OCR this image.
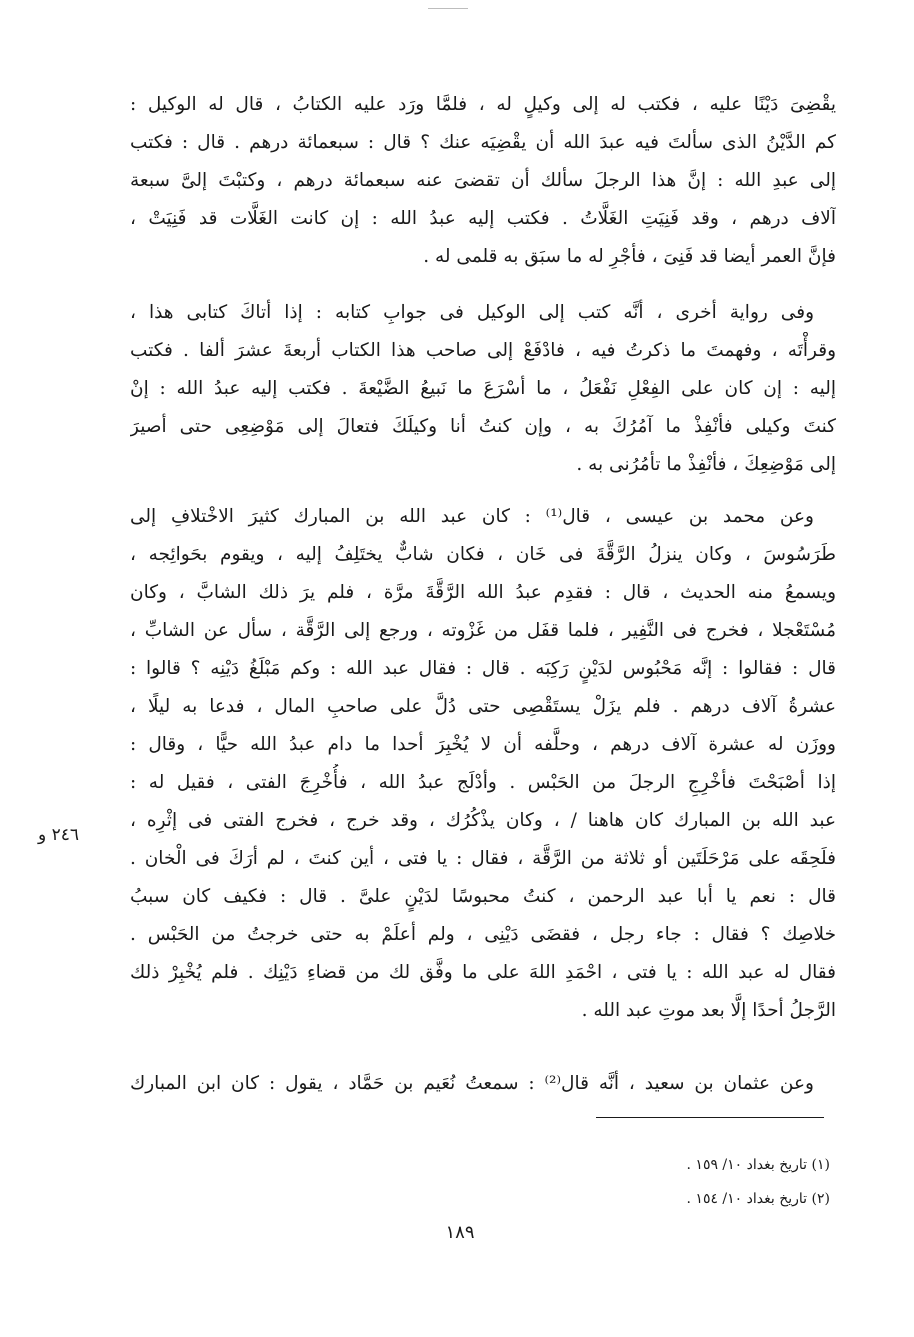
يقْضِىَ دَيْنًا عليه ، فكتب له إلى وكيلٍ له ، فلمَّا ورَد عليه الكتابُ ، قال له الوكيل :
كم الدَّيْنُ الذى سألتَ فيه عبدَ الله أن يقْضِيَه عنك ؟ قال : سبعمائة درهم . قال : فكتب
إلى عبدِ الله : إنَّ هذا الرجلَ سألك أن تقضىَ عنه سبعمائة درهم ، وكتبْتَ إلىَّ سبعة
آلاف درهم ، وقد فَنِيَتِ الغَلَّاتُ . فكتب إليه عبدُ الله : إن كانت الغَلَّات قد فَنِيَتْ ،
فإنَّ العمر أيضا قد فَنِىَ ، فأجْرِ له ما سبَق به قلمى له .
وفى رواية أخرى ، أنَّه كتب إلى الوكيل فى جوابِ كتابه : إذا أتاكَ كتابى هذا ،
وقرأْتَه ، وفهمتَ ما ذكرتُ فيه ، فادْفَعْ إلى صاحب هذا الكتاب أربعةَ عشرَ ألفا . فكتب
إليه : إن كان على الفِعْلِ نَفْعَلُ ، ما أسْرَعَ ما نَبيعُ الضَّيْعةَ . فكتب إليه عبدُ الله : إنْ
كنتَ وكيلى فأنْفِذْ ما آمُرُكَ به ، وإن كنتُ أنا وكيلَكَ فتعالَ إلى مَوْضِعِى حتى أصيرَ
إلى مَوْضِعِكَ ، فأنْفِذْ ما تأمُرُنى به .
وعن محمد بن عيسى ، قال⁽¹⁾ : كان عبد الله بن المبارك كثيرَ الاخْتلافِ إلى
طَرَسُوسَ ، وكان ينزلُ الرَّقَّةَ فى خَان ، فكان شابٌّ يختَلِفُ إليه ، ويقوم بحَوائِجه ،
ويسمعُ منه الحديث ، قال : فقدِم عبدُ الله الرَّقَّةَ مرَّة ، فلم يرَ ذلك الشابَّ ، وكان
مُسْتَعْجلا ، فخرج فى النَّفِير ، فلما قفَل من غَزْوته ، ورجع إلى الرَّقَّة ، سأل عن الشابِّ ،
قال : فقالوا : إنَّه مَحْبُوس لدَيْنٍ رَكِبَه . قال : فقال عبد الله : وكم مَبْلَغُ دَيْنِه ؟ قالوا :
عشرةُ آلاف درهم . فلم يزَلْ يستَقْصِى حتى دُلَّ على صاحبِ المال ، فدعا به ليلًا ،
ووزَن له عشرة آلاف درهم ، وحلَّفه أن لا يُخْبِرَ أحدا ما دام عبدُ الله حيًّا ، وقال :
إذا أصْبَحْتَ فأخْرِجِ الرجلَ من الحَبْس . وأدْلَج عبدُ الله ، فأُخْرِجَ الفتى ، فقيل له :
عبد الله بن المبارك كان هاهنا / ، وكان يذْكُرُك ، وقد خرج ، فخرج الفتى فى إثْرِه ،
فلَحِقَه على مَرْحَلَتَين أو ثلاثة من الرَّقَّة ، فقال : يا فتى ، أين كنتَ ، لم أرَكَ فى الْخان .
قال : نعم يا أبا عبد الرحمن ، كنتُ محبوسًا لدَيْنٍ علىَّ . قال : فكيف كان سببُ
خلاصِك ؟ فقال : جاء رجل ، فقضَى دَيْنِى ، ولم أعلَمْ به حتى خرجتُ من الحَبْس .
فقال له عبد الله : يا فتى ، احْمَدِ اللهَ على ما وفَّق لك من قضاءِ دَيْنِك . فلم يُخْبِرْ ذلك
الرَّجلُ أحدًا إلَّا بعد موتِ عبد الله .
وعن عثمان بن سعيد ، أنَّه قال⁽²⁾ : سمعتُ نُعَيم بن حَمَّاد ، يقول : كان ابن المبارك
٢٤٦ و
(١) تاريخ بغداد ١٠/ ١٥٩ .
(٢) تاريخ بغداد ١٠/ ١٥٤ .
١٨٩
